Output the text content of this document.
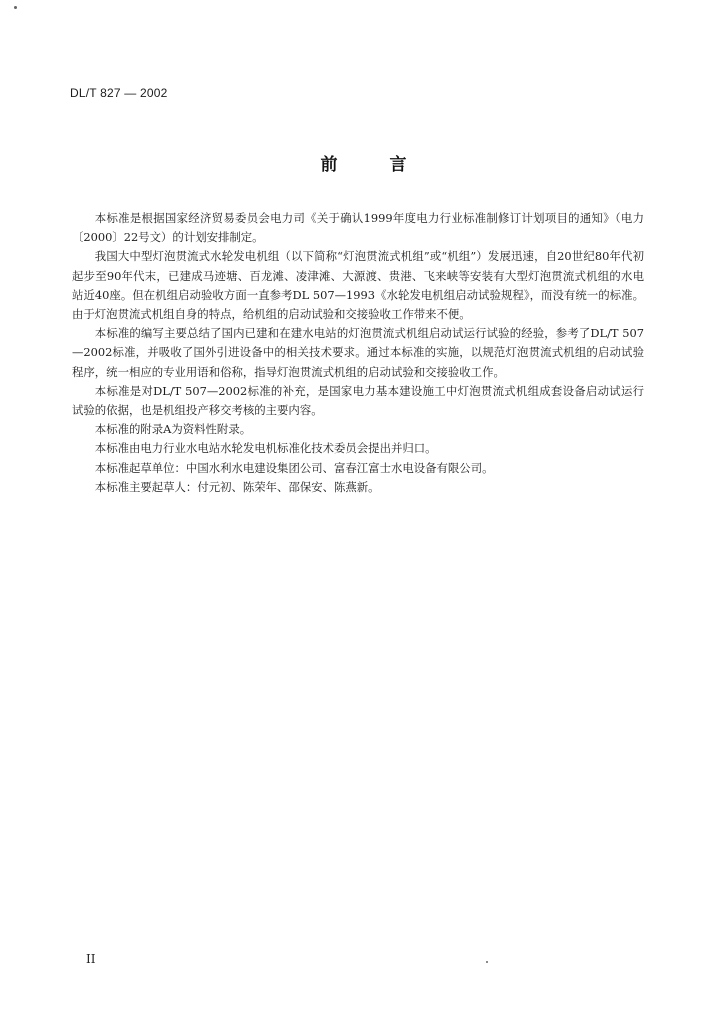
DL/T 827 — 2002
前言

本标准是根据国家经济贸易委员会电力司《关于确认1999年度电力行业标准制修订计划项目的通知》（电力〔2000〕22号文）的计划安排制定。

我国大中型灯泡贯流式水轮发电机组（以下简称“灯泡贯流式机组”或“机组”）发展迅速，自20世纪80年代初起步至90年代末，已建成马迹塘、百龙滩、凌津滩、大源渡、贵港、飞来峡等安装有大型灯泡贯流式机组的水电站近40座。但在机组启动验收方面一直参考DL 507—1993《水轮发电机组启动试验规程》，而没有统一的标准。由于灯泡贯流式机组自身的特点，给机组的启动试验和交接验收工作带来不便。

本标准的编写主要总结了国内已建和在建水电站的灯泡贯流式机组启动试运行试验的经验，参考了DL/T 507—2002标准，并吸收了国外引进设备中的相关技术要求。通过本标准的实施，以规范灯泡贯流式机组的启动试验程序，统一相应的专业用语和俗称，指导灯泡贯流式机组的启动试验和交接验收工作。

本标准是对DL/T 507—2002标准的补充，是国家电力基本建设施工中灯泡贯流式机组成套设备启动试运行试验的依据，也是机组投产移交考核的主要内容。

本标准的附录A为资料性附录。

本标准由电力行业水电站水轮发电机标准化技术委员会提出并归口。

本标准起草单位：中国水利水电建设集团公司、富春江富士水电设备有限公司。

本标准主要起草人：付元初、陈荣年、邵保安、陈燕新。

II
